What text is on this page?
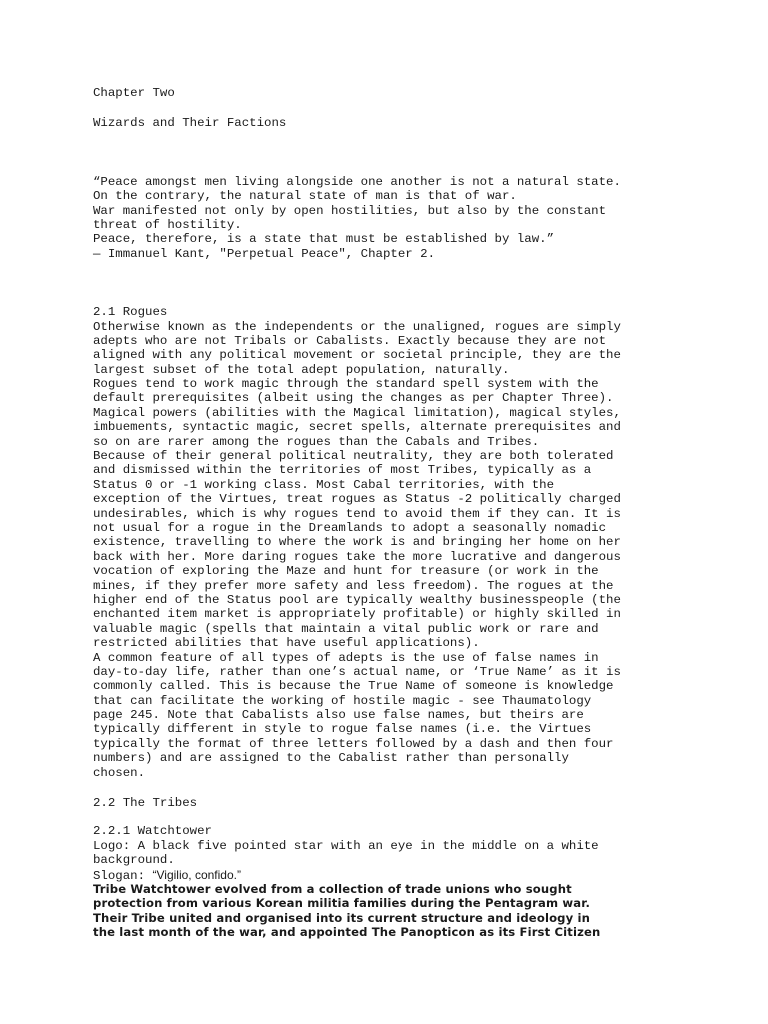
Chapter Two
Wizards and Their Factions
“Peace amongst men living alongside one another is not a natural state.
On the contrary, the natural state of man is that of war.
War manifested not only by open hostilities, but also by the constant
threat of hostility.
Peace, therefore, is a state that must be established by law.”
— Immanuel Kant, "Perpetual Peace", Chapter 2.
2.1 Rogues
Otherwise known as the independents or the unaligned, rogues are simply
adepts who are not Tribals or Cabalists. Exactly because they are not
aligned with any political movement or societal principle, they are the
largest subset of the total adept population, naturally.
Rogues tend to work magic through the standard spell system with the
default prerequisites (albeit using the changes as per Chapter Three).
Magical powers (abilities with the Magical limitation), magical styles,
imbuements, syntactic magic, secret spells, alternate prerequisites and
so on are rarer among the rogues than the Cabals and Tribes.
Because of their general political neutrality, they are both tolerated
and dismissed within the territories of most Tribes, typically as a
Status 0 or -1 working class. Most Cabal territories, with the
exception of the Virtues, treat rogues as Status -2 politically charged
undesirables, which is why rogues tend to avoid them if they can. It is
not usual for a rogue in the Dreamlands to adopt a seasonally nomadic
existence, travelling to where the work is and bringing her home on her
back with her. More daring rogues take the more lucrative and dangerous
vocation of exploring the Maze and hunt for treasure (or work in the
mines, if they prefer more safety and less freedom). The rogues at the
higher end of the Status pool are typically wealthy businesspeople (the
enchanted item market is appropriately profitable) or highly skilled in
valuable magic (spells that maintain a vital public work or rare and
restricted abilities that have useful applications).
A common feature of all types of adepts is the use of false names in
day-to-day life, rather than one’s actual name, or ‘True Name’ as it is
commonly called. This is because the True Name of someone is knowledge
that can facilitate the working of hostile magic - see Thaumatology
page 245. Note that Cabalists also use false names, but theirs are
typically different in style to rogue false names (i.e. the Virtues
typically the format of three letters followed by a dash and then four
numbers) and are assigned to the Cabalist rather than personally
chosen.
2.2 The Tribes
2.2.1 Watchtower
Logo: A black five pointed star with an eye in the middle on a white
background.
Slogan: “Vigilio, confido.”
Tribe Watchtower evolved from a collection of trade unions who sought
protection from various Korean militia families during the Pentagram war.
Their Tribe united and organised into its current structure and ideology in
the last month of the war, and appointed The Panopticon as its First Citizen
